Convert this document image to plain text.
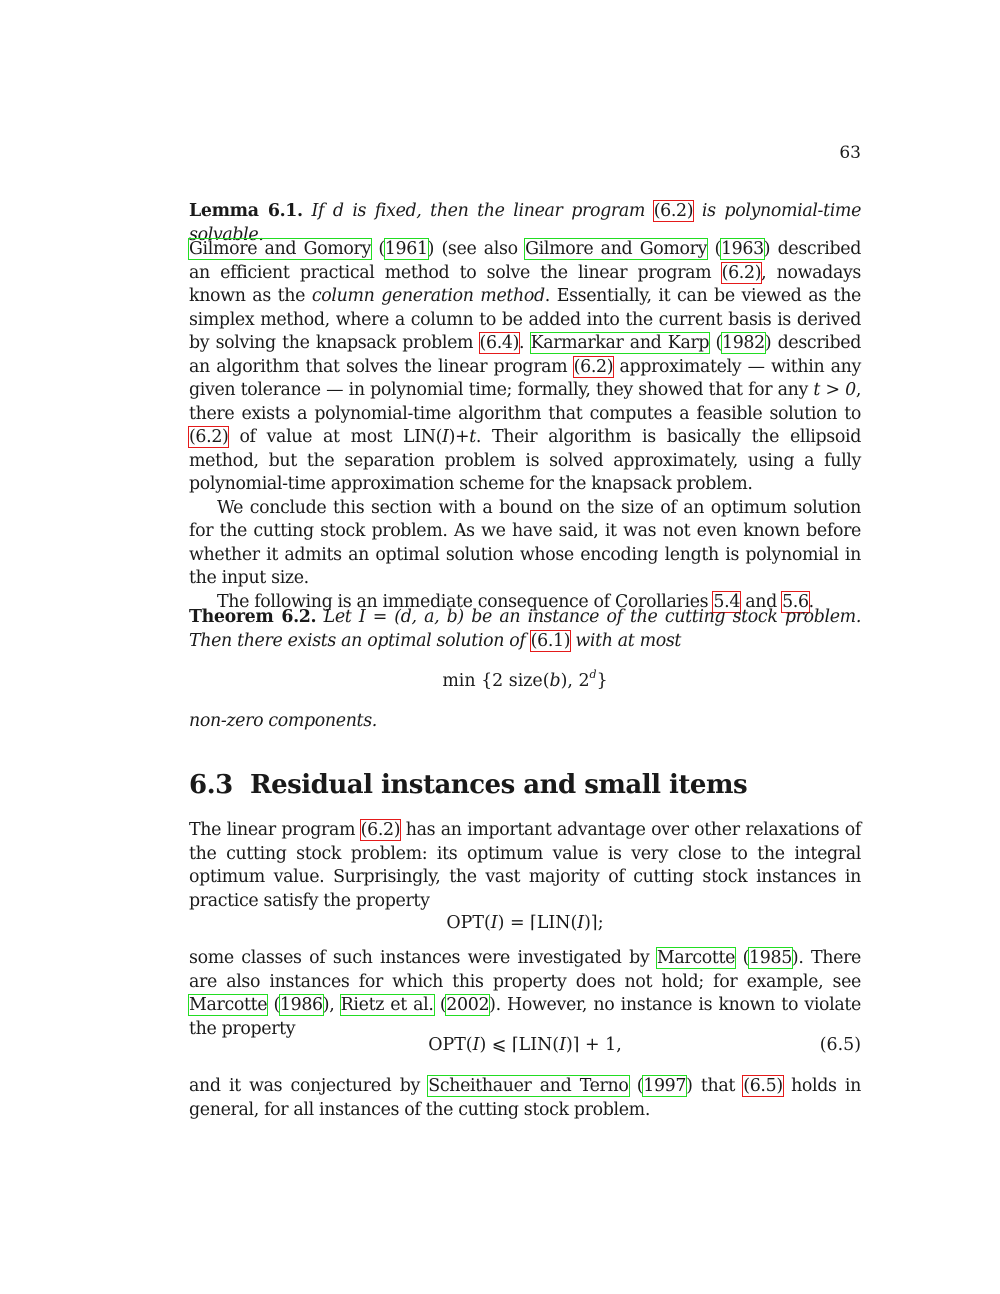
63

Lemma 6.1. If d is fixed, then the linear program (6.2) is polynomial-time solvable.

Gilmore and Gomory (1961) (see also Gilmore and Gomory (1963) described an efficient practical method to solve the linear program (6.2), nowadays known as the column generation method. Essentially, it can be viewed as the simplex method, where a column to be added into the current basis is derived by solving the knapsack problem (6.4). Karmarkar and Karp (1982) described an algorithm that solves the linear program (6.2) approximately — within any given tolerance — in polynomial time; formally, they showed that for any t > 0, there exists a polynomial-time algorithm that computes a feasible solution to (6.2) of value at most LIN(I)+t. Their algorithm is basically the ellipsoid method, but the separation problem is solved approximately, using a fully polynomial-time approximation scheme for the knapsack problem.

We conclude this section with a bound on the size of an optimum solution for the cutting stock problem. As we have said, it was not even known before whether it admits an optimal solution whose encoding length is polynomial in the input size.

The following is an immediate consequence of Corollaries 5.4 and 5.6.

Theorem 6.2. Let I = (d, a, b) be an instance of the cutting stock problem. Then there exists an optimal solution of (6.1) with at most

min {2 size(b), 2$^d$}

non-zero components.

6.3 Residual instances and small items

The linear program (6.2) has an important advantage over other relaxations of the cutting stock problem: its optimum value is very close to the integral optimum value. Surprisingly, the vast majority of cutting stock instances in practice satisfy the property

OPT(I) = ⌈LIN(I)⌉;

some classes of such instances were investigated by Marcotte (1985). There are also instances for which this property does not hold; for example, see Marcotte (1986), Rietz et al. (2002). However, no instance is known to violate the property

OPT(I) ⩽ ⌈LIN(I)⌉ + 1,	(6.5)

and it was conjectured by Scheithauer and Terno (1997) that (6.5) holds in general, for all instances of the cutting stock problem.
